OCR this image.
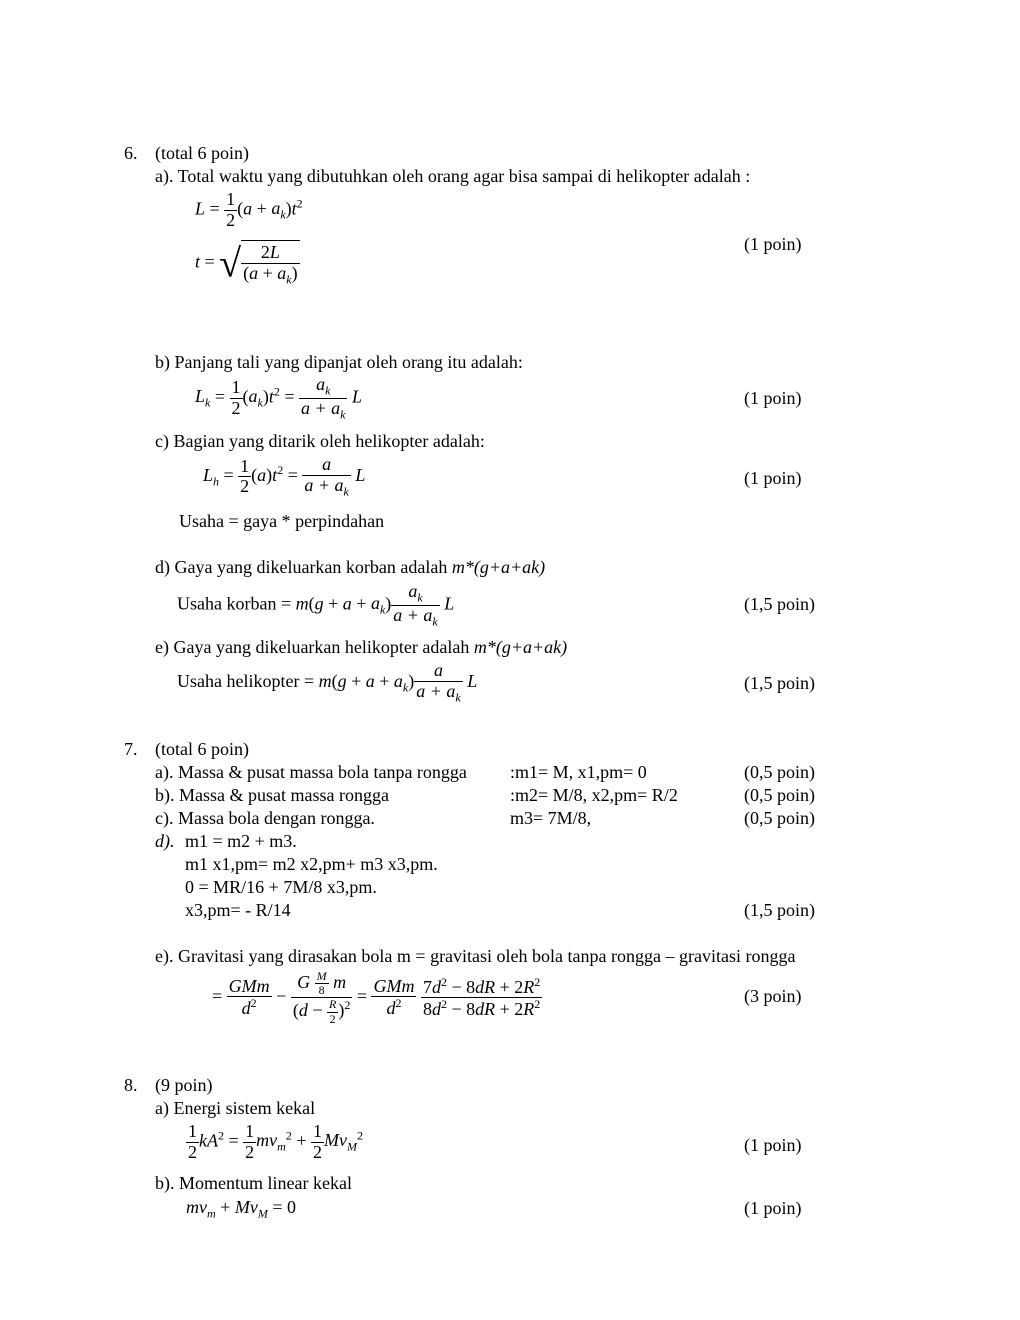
6. (total 6 poin)
a). Total waktu yang dibutuhkan oleh orang agar bisa sampai di helikopter adalah :
$L = \frac{1}{2} (a + a_k)t^2$
t = √ $\frac{2L}{(a + a_k)}$	(1 poin)
b) Panjang tali yang dipanjat oleh orang itu adalah:
$L_k = \frac{1}{2} (a_k)t^2 = \frac{a_k}{a + a_k}$ L	(1 poin)
c) Bagian yang ditarik oleh helikopter adalah:
$L_h = \frac{1}{2} (a)t^2 = \frac{a}{a + a_k}$ L	(1 poin)
Usaha = gaya * perpindahan
d) Gaya yang dikeluarkan korban adalah m*(g+a+ak)
Usaha korban = $m(g + a + a_k) \frac{a_k}{a + a_k}$ L	(1,5 poin)
e) Gaya yang dikeluarkan helikopter adalah m*(g+a+ak)
Usaha helikopter = $m(g + a + a_k) \frac{a}{a + a_k}$ L	(1,5 poin)
7. (total 6 poin)
a). Massa & pusat massa bola tanpa rongga :m1= M, x1,pm= 0	(0,5 poin)
b). Massa & pusat massa rongga	:m2= M/8, x2,pm= R/2	(0,5 poin)
c). Massa bola dengan rongga.	m3= 7M/8,	(0,5 poin)
d). m1 = m2 + m3.
m1 x1,pm= m2 x2,pm+ m3 x3,pm.
0 = MR/16 + 7M/8 x3,pm.
x3,pm= - R/14	(1,5 poin)
e). Gravitasi yang dirasakan bola m = gravitasi oleh bola tanpa rongga – gravitasi rongga
= $\frac{\text{GMm}}{d^2} - \frac{G \frac{M}{8} m}{(d - \frac{R}{2} )^2} = \frac{\text{GMm}}{d^2}$
$\frac{7d^2 - 8dR + 2R^2}{8d^2 - 8dR + 2R^2}$	(3 poin)
8. (9 poin)
a) Energi sistem kekal
$\frac{1}{2} kA^2 = \frac{1}{2} mv_m^2 + \frac{1}{2} Mv_M^2$	(1 poin)
b). Momentum linear kekal
$mv_m + Mv_M = 0$	(1 poin)
